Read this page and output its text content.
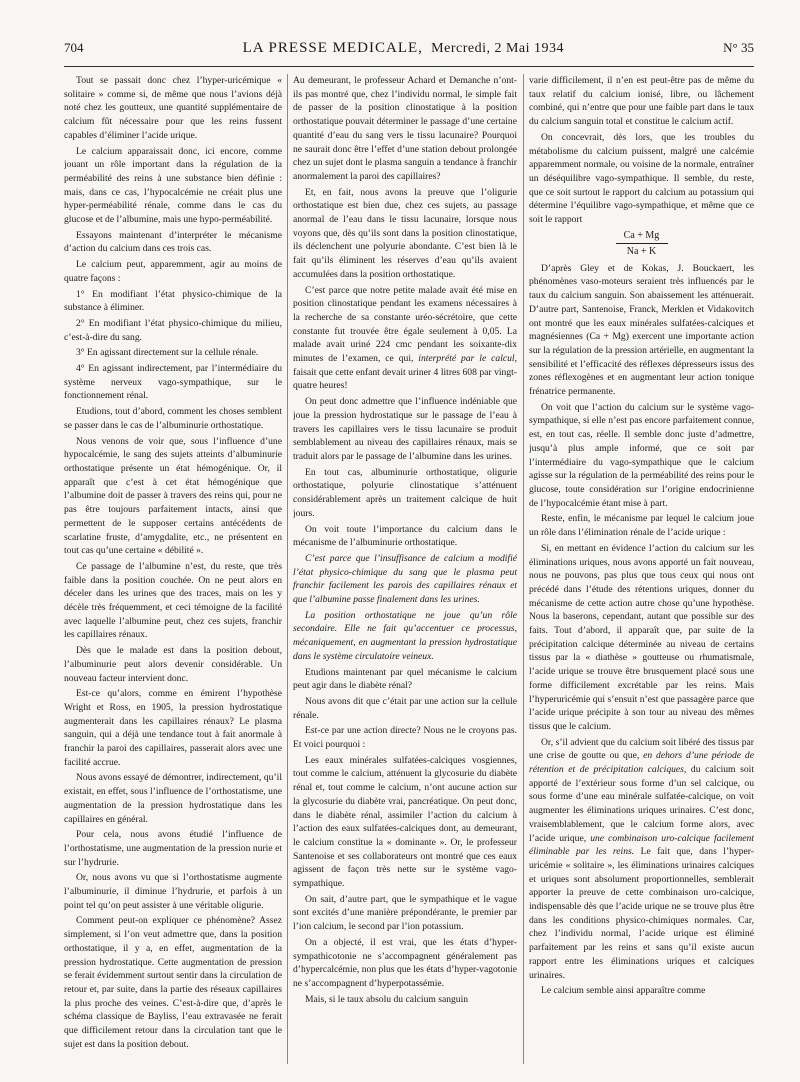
704	LA PRESSE MEDICALE, Mercredi, 2 Mai 1934	N° 35

Tout se passait donc chez l’hyper-uricémique « solitaire » comme si, de même que nous l’avions déjà noté chez les goutteux, une quantité supplémentaire de calcium fût nécessaire pour que les reins fussent capables d’éliminer l’acide urique.

Le calcium apparaissait donc, ici encore, comme jouant un rôle important dans la régulation de la perméabilité des reins à une substance bien définie : mais, dans ce cas, l’hypocalcémie ne créait plus une hyper-perméabilité rénale, comme dans le cas du glucose et de l’albumine, mais une hypo-perméabilité.

Essayons maintenant d’interpréter le mécanisme d’action du calcium dans ces trois cas.

Le calcium peut, apparemment, agir au moins de quatre façons :

1° En modifiant l’état physico-chimique de la substance à éliminer.

2° En modifiant l’état physico-chimique du milieu, c’est-à-dire du sang.

3° En agissant directement sur la cellule rénale.

4° En agissant indirectement, par l’intermédiaire du système nerveux vago-sympathique, sur le fonctionnement rénal.

Etudions, tout d’abord, comment les choses semblent se passer dans le cas de l’albuminurie orthostatique.

Nous venons de voir que, sous l’influence d’une hypocalcémie, le sang des sujets atteints d’albuminurie orthostatique présente un état hémogénique. Or, il apparaît que c’est à cet état hémogénique que l’albumine doit de passer à travers des reins qui, pour ne pas être toujours parfaitement intacts, ainsi que permettent de le supposer certains antécédents de scarlatine fruste, d’amygdalite, etc., ne présentent en tout cas qu’une certaine « débilité ».

Ce passage de l’albumine n’est, du reste, que très faible dans la position couchée. On ne peut alors en déceler dans les urines que des traces, mais on les y décèle très fréquemment, et ceci témoigne de la facilité avec laquelle l’albumine peut, chez ces sujets, franchir les capillaires rénaux.

Dès que le malade est dans la position debout, l’albuminurie peut alors devenir considérable. Un nouveau facteur intervient donc.

Est-ce qu’alors, comme en émirent l’hypothèse Wright et Ross, en 1905, la pression hydrostatique augmenterait dans les capillaires rénaux? Le plasma sanguin, qui a déjà une tendance tout à fait anormale à franchir la paroi des capillaires, passerait alors avec une facilité accrue.

Nous avons essayé de démontrer, indirectement, qu’il existait, en effet, sous l’influence de l’orthostatisme, une augmentation de la pression hydrostatique dans les capillaires en général.

Pour cela, nous avons étudié l’influence de l’orthostatisme, une augmentation de la pression nurie et sur l’hydrurie.

Or, nous avons vu que si l’orthostatisme augmente l’albuminurie, il diminue l’hydrurie, et parfois à un point tel qu’on peut assister à une véritable oligurie.

Comment peut-on expliquer ce phénomène? Assez simplement, si l’on veut admettre que, dans la position orthostatique, il y a, en effet, augmentation de la pression hydrostatique. Cette augmentation de pression se ferait évidemment surtout sentir dans la circulation de retour et, par suite, dans la partie des réseaux capillaires la plus proche des veines. C’est-à-dire que, d’après le schéma classique de Bayliss, l’eau extravasée ne ferait que difficilement retour dans la circulation tant que le sujet est dans la position debout.

Au demeurant, le professeur Achard et Demanche n’ont-ils pas montré que, chez l’individu normal, le simple fait de passer de la position clinostatique à la position orthostatique pouvait déterminer le passage d’une certaine quantité d’eau du sang vers le tissu lacunaire? Pourquoi ne saurait donc être l’effet d’une station debout prolongée chez un sujet dont le plasma sanguin a tendance à franchir anormalement la paroi des capillaires?

Et, en fait, nous avons la preuve que l’oligurie orthostatique est bien due, chez ces sujets, au passage anormal de l’eau dans le tissu lacunaire, lorsque nous voyons que, dès qu’ils sont dans la position clinostatique, ils déclenchent une polyurie abondante. C’est bien là le fait qu’ils éliminent les réserves d’eau qu’ils avaient accumulées dans la position orthostatique.

C’est parce que notre petite malade avait été mise en position clinostatique pendant les examens nécessaires à la recherche de sa constante uréo-sécrétoire, que cette constante fut trouvée être égale seulement à 0,05. La malade avait uriné 224 cmc pendant les soixante-dix minutes de l’examen, ce qui, interprété par le calcul, faisait que cette enfant devait uriner 4 litres 608 par vingt-quatre heures!

On peut donc admettre que l’influence indéniable que joue la pression hydrostatique sur le passage de l’eau à travers les capillaires vers le tissu lacunaire se produit semblablement au niveau des capillaires rénaux, mais se traduit alors par le passage de l’albumine dans les urines.

En tout cas, albuminurie orthostatique, oligurie orthostatique, polyurie clinostatique s’atténuent considérablement après un traitement calcique de huit jours.

On voit toute l’importance du calcium dans le mécanisme de l’albuminurie orthostatique.

C’est parce que l’insuffisance de calcium a modifié l’état physico-chimique du sang que le plasma peut franchir facilement les parois des capillaires rénaux et que l’albumine passe finalement dans les urines.

La position orthostatique ne joue qu’un rôle secondaire. Elle ne fait qu’accentuer ce processus, mécaniquement, en augmentant la pression hydrostatique dans le système circulatoire veineux.

Etudions maintenant par quel mécanisme le calcium peut agir dans le diabète rénal?

Nous avons dit que c’était par une action sur la cellule rénale.

Est-ce par une action directe? Nous ne le croyons pas. Et voici pourquoi :

Les eaux minérales sulfatées-calciques vosgiennes, tout comme le calcium, atténuent la glycosurie du diabète rénal et, tout comme le calcium, n’ont aucune action sur la glycosurie du diabète vrai, pancréatique. On peut donc, dans le diabète rénal, assimiler l’action du calcium à l’action des eaux sulfatées-calciques dont, au demeurant, le calcium constitue la « dominante ». Or, le professeur Santenoise et ses collaborateurs ont montré que ces eaux agissent de façon très nette sur le système vago-sympathique.

On sait, d’autre part, que le sympathique et le vague sont excités d’une manière prépondérante, le premier par l’ion calcium, le second par l’ion potassium.

On a objecté, il est vrai, que les états d’hyper-sympathicotonie ne s’accompagnent généralement pas d’hypercalcémie, non plus que les états d’hyper-vagotonie ne s’accompagnent d’hyperpotassémie.

Mais, si le taux absolu du calcium sanguin

varie difficilement, il n’en est peut-être pas de même du taux relatif du calcium ionisé, libre, ou lâchement combiné, qui n’entre que pour une faible part dans le taux du calcium sanguin total et constitue le calcium actif.

On concevrait, dès lors, que les troubles du métabolisme du calcium puissent, malgré une calcémie apparemment normale, ou voisine de la normale, entraîner un déséquilibre vago-sympathique. Il semble, du reste, que ce soit surtout le rapport du calcium au potassium qui détermine l’équilibre vago-sympathique, et même que ce soit le rapport

Ca + Mg
Na + K

D’après Gley et de Kokas, J. Bouckaert, les phénomènes vaso-moteurs seraient très influencés par le taux du calcium sanguin. Son abaissement les atténuerait. D’autre part, Santenoise, Franck, Merklen et Vidakovitch ont montré que les eaux minérales sulfatées-calciques et magnésiennes (Ca + Mg) exercent une importante action sur la régulation de la pression artérielle, en augmentant la sensibilité et l’efficacité des réflexes dépresseurs issus des zones réflexogènes et en augmentant leur action tonique frénatrice permanente.

On voit que l’action du calcium sur le système vago-sympathique, si elle n’est pas encore parfaitement connue, est, en tout cas, réelle. Il semble donc juste d’admettre, jusqu’à plus ample informé, que ce soit par l’intermédiaire du vago-sympathique que le calcium agisse sur la régulation de la perméabilité des reins pour le glucose, toute considération sur l’origine endocrinienne de l’hypocalcémie étant mise à part.

Reste, enfin, le mécanisme par lequel le calcium joue un rôle dans l’élimination rénale de l’acide urique :

Si, en mettant en évidence l’action du calcium sur les éliminations uriques, nous avons apporté un fait nouveau, nous ne pouvons, pas plus que tous ceux qui nous ont précédé dans l’étude des rétentions uriques, donner du mécanisme de cette action autre chose qu’une hypothèse. Nous la baserons, cependant, autant que possible sur des faits. Tout d’abord, il apparaît que, par suite de la précipitation calcique déterminée au niveau de certains tissus par la « diathèse » goutteuse ou rhumatismale, l’acide urique se trouve être brusquement placé sous une forme difficilement excrétable par les reins. Mais l’hyperuricémie qui s’ensuit n’est que passagère parce que l’acide urique précipite à son tour au niveau des mêmes tissus que le calcium.

Or, s’il advient que du calcium soit libéré des tissus par une crise de goutte ou que, en dehors d’une période de rétention et de précipitation calciques, du calcium soit apporté de l’extérieur sous forme d’un sel calcique, ou sous forme d’une eau minérale sulfatée-calcique, on voit augmenter les éliminations uriques urinaires. C’est donc, vraisemblablement, que le calcium forme alors, avec l’acide urique, une combinaison uro-calcique facilement éliminable par les reins. Le fait que, dans l’hyper-uricémie « solitaire », les éliminations urinaires calciques et uriques sont absolument proportionnelles, semblerait apporter la preuve de cette combinaison uro-calcique, indispensable dès que l’acide urique ne se trouve plus être dans les conditions physico-chimiques normales. Car, chez l’individu normal, l’acide urique est éliminé parfaitement par les reins et sans qu’il existe aucun rapport entre les éliminations uriques et calciques urinaires.

Le calcium semble ainsi apparaître comme
